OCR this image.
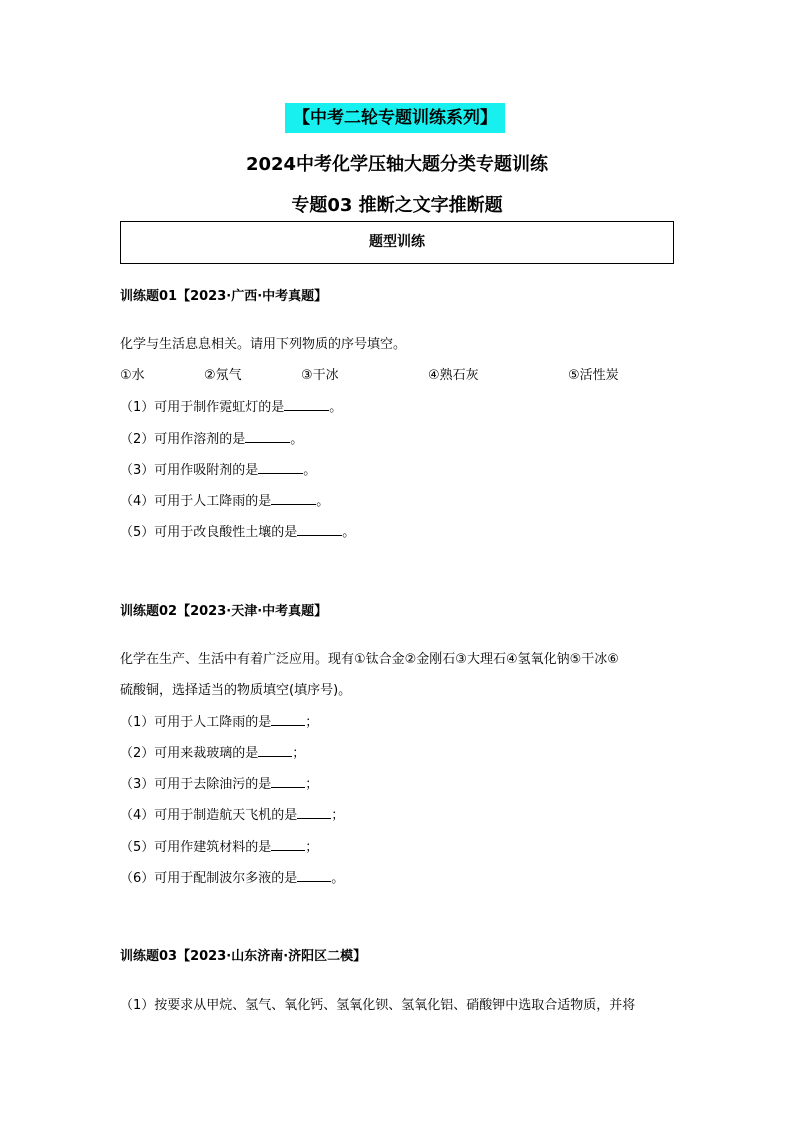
【中考二轮专题训练系列】
2024中考化学压轴大题分类专题训练
专题03 推断之文字推断题
题型训练
训练题01【2023·广西·中考真题】
化学与生活息息相关。请用下列物质的序号填空。
①水	②氖气	③干冰	④熟石灰	⑤活性炭
（1）可用于制作霓虹灯的是	。
（2）可用作溶剂的是	。
（3）可用作吸附剂的是	。
（4）可用于人工降雨的是	。
（5）可用于改良酸性土壤的是	。
训练题02【2023·天津·中考真题】
化学在生产、生活中有着广泛应用。现有①钛合金②金刚石③大理石④氢氧化钠⑤干冰⑥
硫酸铜，选择适当的物质填空(填序号)。
（1）可用于人工降雨的是	；
（2）可用来裁玻璃的是	；
（3）可用于去除油污的是	；
（4）可用于制造航天飞机的是	；
（5）可用作建筑材料的是	；
（6）可用于配制波尔多液的是	。
训练题03【2023·山东济南·济阳区二模】
（1）按要求从甲烷、氢气、氧化钙、氢氧化钡、氢氧化铝、硝酸钾中选取合适物质，并将
